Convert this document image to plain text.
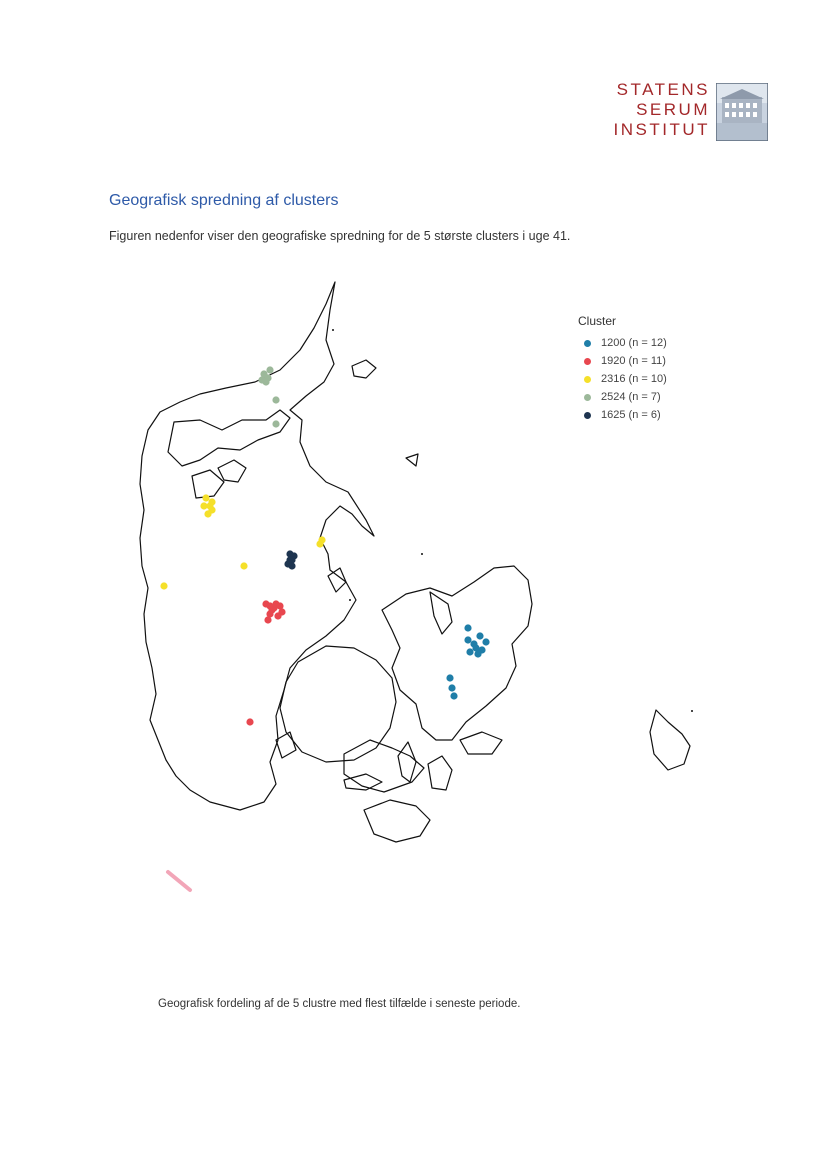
STATENS
SERUM
INSTITUT
Geografisk spredning af clusters
Figuren nedenfor viser den geografiske spredning for de 5 største clusters i uge 41.
Cluster
1200 (n = 12)
1920 (n = 11)
2316 (n = 10)
2524 (n = 7)
1625 (n = 6)
Geografisk fordeling af de 5 clustre med flest tilfælde i seneste periode.
